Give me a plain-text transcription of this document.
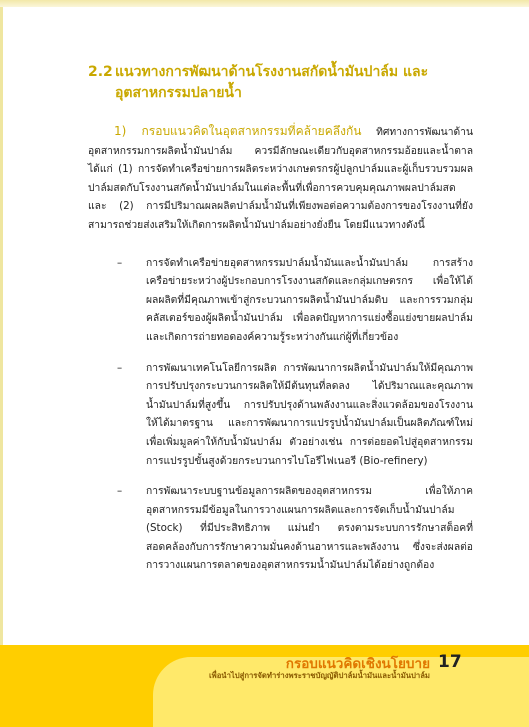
2.2 แนวทางการพัฒนาด้านโรงงานสกัดน้ำมันปาล์ม และอุตสาหกรรมปลายน้ำ

1) กรอบแนวคิดในอุตสาหกรรมที่คล้ายคลึงกัน ทิศทางการพัฒนาด้านอุตสาหกรรมการผลิตน้ำมันปาล์ม ควรมีลักษณะเดียวกับอุตสาหกรรมอ้อยและน้ำตาล ได้แก่ (1) การจัดทำเครือข่ายการผลิตระหว่างเกษตรกรผู้ปลูกปาล์มและผู้เก็บรวบรวมผลปาล์มสดกับโรงงานสกัดน้ำมันปาล์มในแต่ละพื้นที่เพื่อการควบคุมคุณภาพผลปาล์มสด และ (2) การมีปริมาณผลผลิตปาล์มน้ำมันที่เพียงพอต่อความต้องการของโรงงานที่ยังสามารถช่วยส่งเสริมให้เกิดการผลิตน้ำมันปาล์มอย่างยั่งยืน โดยมีแนวทางดังนี้

–	การจัดทำเครือข่ายอุตสาหกรรมปาล์มน้ำมันและน้ำมันปาล์ม การสร้างเครือข่ายระหว่างผู้ประกอบการโรงงานสกัดและกลุ่มเกษตรกร เพื่อให้ได้ผลผลิตที่มีคุณภาพเข้าสู่กระบวนการผลิตน้ำมันปาล์มดิบ และการรวมกลุ่มคลัสเตอร์ของผู้ผลิตน้ำมันปาล์ม เพื่อลดปัญหาการแย่งซื้อแย่งขายผลปาล์ม และเกิดการถ่ายทอดองค์ความรู้ระหว่างกันแก่ผู้ที่เกี่ยวข้อง
–	การพัฒนาเทคโนโลยีการผลิต การพัฒนาการผลิตน้ำมันปาล์มให้มีคุณภาพ การปรับปรุงกระบวนการผลิตให้มีต้นทุนที่ลดลง ได้ปริมาณและคุณภาพน้ำมันปาล์มที่สูงขึ้น การปรับปรุงด้านพลังงานและสิ่งแวดล้อมของโรงงานให้ได้มาตรฐาน และการพัฒนาการแปรรูปน้ำมันปาล์มเป็นผลิตภัณฑ์ใหม่เพื่อเพิ่มมูลค่าให้กับน้ำมันปาล์ม ตัวอย่างเช่น การต่อยอดไปสู่อุตสาหกรรมการแปรรูปขั้นสูงด้วยกระบวนการไบโอรีไฟเนอรี (Bio-refinery)
–	การพัฒนาระบบฐานข้อมูลการผลิตของอุตสาหกรรม เพื่อให้ภาคอุตสาหกรรมมีข้อมูลในการวางแผนการผลิตและการจัดเก็บน้ำมันปาล์ม (Stock) ที่มีประสิทธิภาพ แม่นยำ ตรงตามระบบการรักษาสต็อคที่สอดคล้องกับการรักษาความมั่นคงด้านอาหารและพลังงาน ซึ่งจะส่งผลต่อการวางแผนการตลาดของอุตสาหกรรมน้ำมันปาล์มได้อย่างถูกต้อง
กรอบแนวคิดเชิงนโยบาย
เพื่อนำไปสู่การจัดทำร่างพระราชบัญญัติปาล์มน้ำมันและน้ำมันปาล์ม
17
